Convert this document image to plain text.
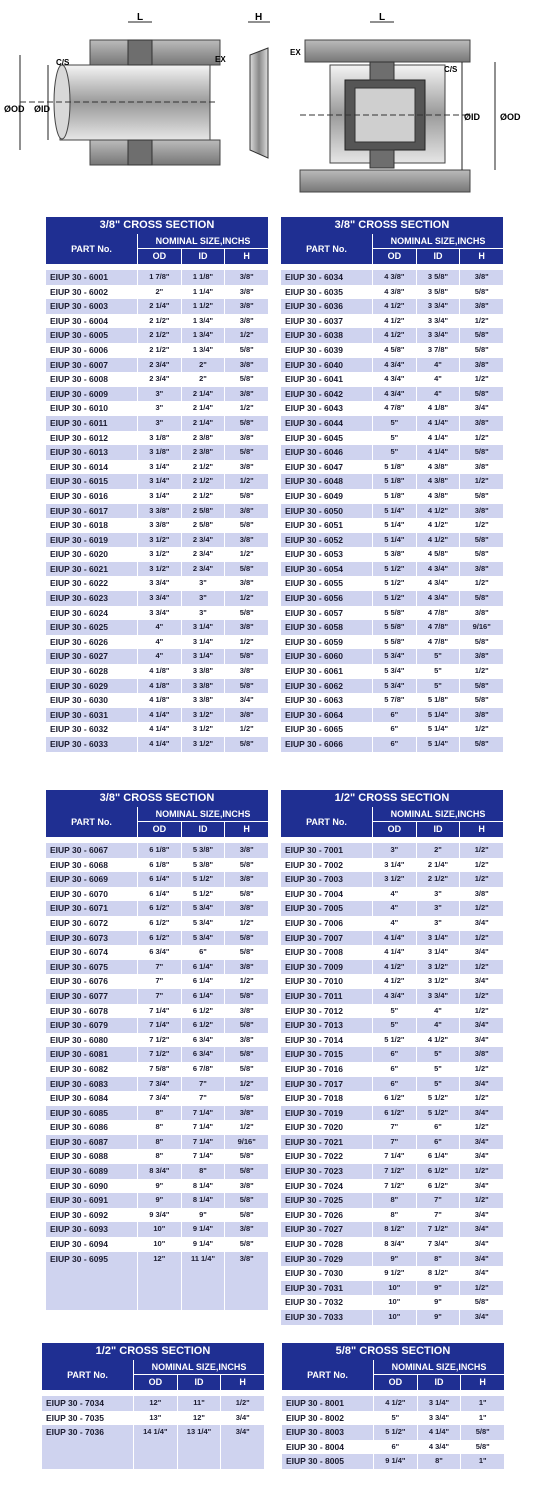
L	H	L
C/S
C/S
EX
EX
ØOD ØID
ØID ØOD
3/8" CROSS SECTION
PART No.
NOMINAL SIZE,INCHS
OD	ID	H
EIUP 30 - 6001	1 7/8"	1 1/8"	3/8"
EIUP 30 - 6002	2"	1 1/4"	3/8"
EIUP 30 - 6003	2 1/4"	1 1/2"	3/8"
EIUP 30 - 6004	2 1/2"	1 3/4"	3/8"
EIUP 30 - 6005	2 1/2"	1 3/4"	1/2"
EIUP 30 - 6006	2 1/2"	1 3/4"	5/8"
EIUP 30 - 6007	2 3/4"	2"	3/8"
EIUP 30 - 6008	2 3/4"	2"	5/8"
EIUP 30 - 6009	3"	2 1/4"	3/8"
EIUP 30 - 6010	3"	2 1/4"	1/2"
EIUP 30 - 6011	3"	2 1/4"	5/8"
EIUP 30 - 6012	3 1/8"	2 3/8"	3/8"
EIUP 30 - 6013	3 1/8"	2 3/8"	5/8"
EIUP 30 - 6014	3 1/4"	2 1/2"	3/8"
EIUP 30 - 6015	3 1/4"	2 1/2"	1/2"
EIUP 30 - 6016	3 1/4"	2 1/2"	5/8"
EIUP 30 - 6017	3 3/8"	2 5/8"	3/8"
EIUP 30 - 6018	3 3/8"	2 5/8"	5/8"
EIUP 30 - 6019	3 1/2"	2 3/4"	3/8"
EIUP 30 - 6020	3 1/2"	2 3/4"	1/2"
EIUP 30 - 6021	3 1/2"	2 3/4"	5/8"
EIUP 30 - 6022	3 3/4"	3"	3/8"
EIUP 30 - 6023	3 3/4"	3"	1/2"
EIUP 30 - 6024	3 3/4"	3"	5/8"
EIUP 30 - 6025	4"	3 1/4"	3/8"
EIUP 30 - 6026	4"	3 1/4"	1/2"
EIUP 30 - 6027	4"	3 1/4"	5/8"
EIUP 30 - 6028	4 1/8"	3 3/8"	3/8"
EIUP 30 - 6029	4 1/8"	3 3/8"	5/8"
EIUP 30 - 6030	4 1/8"	3 3/8"	3/4"
EIUP 30 - 6031	4 1/4"	3 1/2"	3/8"
EIUP 30 - 6032	4 1/4"	3 1/2"	1/2"
EIUP 30 - 6033	4 1/4"	3 1/2"	5/8"
3/8" CROSS SECTION
PART No.
NOMINAL SIZE,INCHS
OD	ID	H
EIUP 30 - 6034	4 3/8"	3 5/8"	3/8"
EIUP 30 - 6035	4 3/8"	3 5/8"	5/8"
EIUP 30 - 6036	4 1/2"	3 3/4"	3/8"
EIUP 30 - 6037	4 1/2"	3 3/4"	1/2"
EIUP 30 - 6038	4 1/2"	3 3/4"	5/8"
EIUP 30 - 6039	4 5/8"	3 7/8"	5/8"
EIUP 30 - 6040	4 3/4"	4"	3/8"
EIUP 30 - 6041	4 3/4"	4"	1/2"
EIUP 30 - 6042	4 3/4"	4"	5/8"
EIUP 30 - 6043	4 7/8"	4 1/8"	3/4"
EIUP 30 - 6044	5"	4 1/4"	3/8"
EIUP 30 - 6045	5"	4 1/4"	1/2"
EIUP 30 - 6046	5"	4 1/4"	5/8"
EIUP 30 - 6047	5 1/8"	4 3/8"	3/8"
EIUP 30 - 6048	5 1/8"	4 3/8"	1/2"
EIUP 30 - 6049	5 1/8"	4 3/8"	5/8"
EIUP 30 - 6050	5 1/4"	4 1/2"	3/8"
EIUP 30 - 6051	5 1/4"	4 1/2"	1/2"
EIUP 30 - 6052	5 1/4"	4 1/2"	5/8"
EIUP 30 - 6053	5 3/8"	4 5/8"	5/8"
EIUP 30 - 6054	5 1/2"	4 3/4"	3/8"
EIUP 30 - 6055	5 1/2"	4 3/4"	1/2"
EIUP 30 - 6056	5 1/2"	4 3/4"	5/8"
EIUP 30 - 6057	5 5/8"	4 7/8"	3/8"
EIUP 30 - 6058	5 5/8"	4 7/8"	9/16"
EIUP 30 - 6059	5 5/8"	4 7/8"	5/8"
EIUP 30 - 6060	5 3/4"	5"	3/8"
EIUP 30 - 6061	5 3/4"	5"	1/2"
EIUP 30 - 6062	5 3/4"	5"	5/8"
EIUP 30 - 6063	5 7/8"	5 1/8"	5/8"
EIUP 30 - 6064	6"	5 1/4"	3/8"
EIUP 30 - 6065	6"	5 1/4"	1/2"
EIUP 30 - 6066	6"	5 1/4"	5/8"
3/8" CROSS SECTION
PART No.
NOMINAL SIZE,INCHS
OD	ID	H
EIUP 30 - 6067	6 1/8"	5 3/8"	3/8"
EIUP 30 - 6068	6 1/8"	5 3/8"	5/8"
EIUP 30 - 6069	6 1/4"	5 1/2"	3/8"
EIUP 30 - 6070	6 1/4"	5 1/2"	5/8"
EIUP 30 - 6071	6 1/2"	5 3/4"	3/8"
EIUP 30 - 6072	6 1/2"	5 3/4"	1/2"
EIUP 30 - 6073	6 1/2"	5 3/4"	5/8"
EIUP 30 - 6074	6 3/4"	6"	5/8"
EIUP 30 - 6075	7"	6 1/4"	3/8"
EIUP 30 - 6076	7"	6 1/4"	1/2"
EIUP 30 - 6077	7"	6 1/4"	5/8"
EIUP 30 - 6078	7 1/4"	6 1/2"	3/8"
EIUP 30 - 6079	7 1/4"	6 1/2"	5/8"
EIUP 30 - 6080	7 1/2"	6 3/4"	3/8"
EIUP 30 - 6081	7 1/2"	6 3/4"	5/8"
EIUP 30 - 6082	7 5/8"	6 7/8"	5/8"
EIUP 30 - 6083	7 3/4"	7"	1/2"
EIUP 30 - 6084	7 3/4"	7"	5/8"
EIUP 30 - 6085	8"	7 1/4"	3/8"
EIUP 30 - 6086	8"	7 1/4"	1/2"
EIUP 30 - 6087	8"	7 1/4"	9/16"
EIUP 30 - 6088	8"	7 1/4"	5/8"
EIUP 30 - 6089	8 3/4"	8"	5/8"
EIUP 30 - 6090	9"	8 1/4"	3/8"
EIUP 30 - 6091	9"	8 1/4"	5/8"
EIUP 30 - 6092	9 3/4"	9"	5/8"
EIUP 30 - 6093	10"	9 1/4"	3/8"
EIUP 30 - 6094	10"	9 1/4"	5/8"
EIUP 30 - 6095	12"	11 1/4"	3/8"
1/2" CROSS SECTION
PART No.
NOMINAL SIZE,INCHS
OD	ID	H
EIUP 30 - 7001	3"	2"	1/2"
EIUP 30 - 7002	3 1/4"	2 1/4"	1/2"
EIUP 30 - 7003	3 1/2"	2 1/2"	1/2"
EIUP 30 - 7004	4"	3"	3/8"
EIUP 30 - 7005	4"	3"	1/2"
EIUP 30 - 7006	4"	3"	3/4"
EIUP 30 - 7007	4 1/4"	3 1/4"	1/2"
EIUP 30 - 7008	4 1/4"	3 1/4"	3/4"
EIUP 30 - 7009	4 1/2"	3 1/2"	1/2"
EIUP 30 - 7010	4 1/2"	3 1/2"	3/4"
EIUP 30 - 7011	4 3/4"	3 3/4"	1/2"
EIUP 30 - 7012	5"	4"	1/2"
EIUP 30 - 7013	5"	4"	3/4"
EIUP 30 - 7014	5 1/2"	4 1/2"	3/4"
EIUP 30 - 7015	6"	5"	3/8"
EIUP 30 - 7016	6"	5"	1/2"
EIUP 30 - 7017	6"	5"	3/4"
EIUP 30 - 7018	6 1/2"	5 1/2"	1/2"
EIUP 30 - 7019	6 1/2"	5 1/2"	3/4"
EIUP 30 - 7020	7"	6"	1/2"
EIUP 30 - 7021	7"	6"	3/4"
EIUP 30 - 7022	7 1/4"	6 1/4"	3/4"
EIUP 30 - 7023	7 1/2"	6 1/2"	1/2"
EIUP 30 - 7024	7 1/2"	6 1/2"	3/4"
EIUP 30 - 7025	8"	7"	1/2"
EIUP 30 - 7026	8"	7"	3/4"
EIUP 30 - 7027	8 1/2"	7 1/2"	3/4"
EIUP 30 - 7028	8 3/4"	7 3/4"	3/4"
EIUP 30 - 7029	9"	8"	3/4"
EIUP 30 - 7030	9 1/2"	8 1/2"	3/4"
EIUP 30 - 7031	10"	9"	1/2"
EIUP 30 - 7032	10"	9"	5/8"
EIUP 30 - 7033	10"	9"	3/4"
1/2" CROSS SECTION
PART No.
NOMINAL SIZE,INCHS
OD	ID	H
EIUP 30 - 7034	12"	11"	1/2"
EIUP 30 - 7035	13"	12"	3/4"
EIUP 30 - 7036	14 1/4"	13 1/4"	3/4"
5/8" CROSS SECTION
PART No.
NOMINAL SIZE,INCHS
OD	ID	H
EIUP 30 - 8001	4 1/2"	3 1/4"	1"
EIUP 30 - 8002	5"	3 3/4"	1"
EIUP 30 - 8003	5 1/2"	4 1/4"	5/8"
EIUP 30 - 8004	6"	4 3/4"	5/8"
EIUP 30 - 8005	9 1/4"	8"	1"
